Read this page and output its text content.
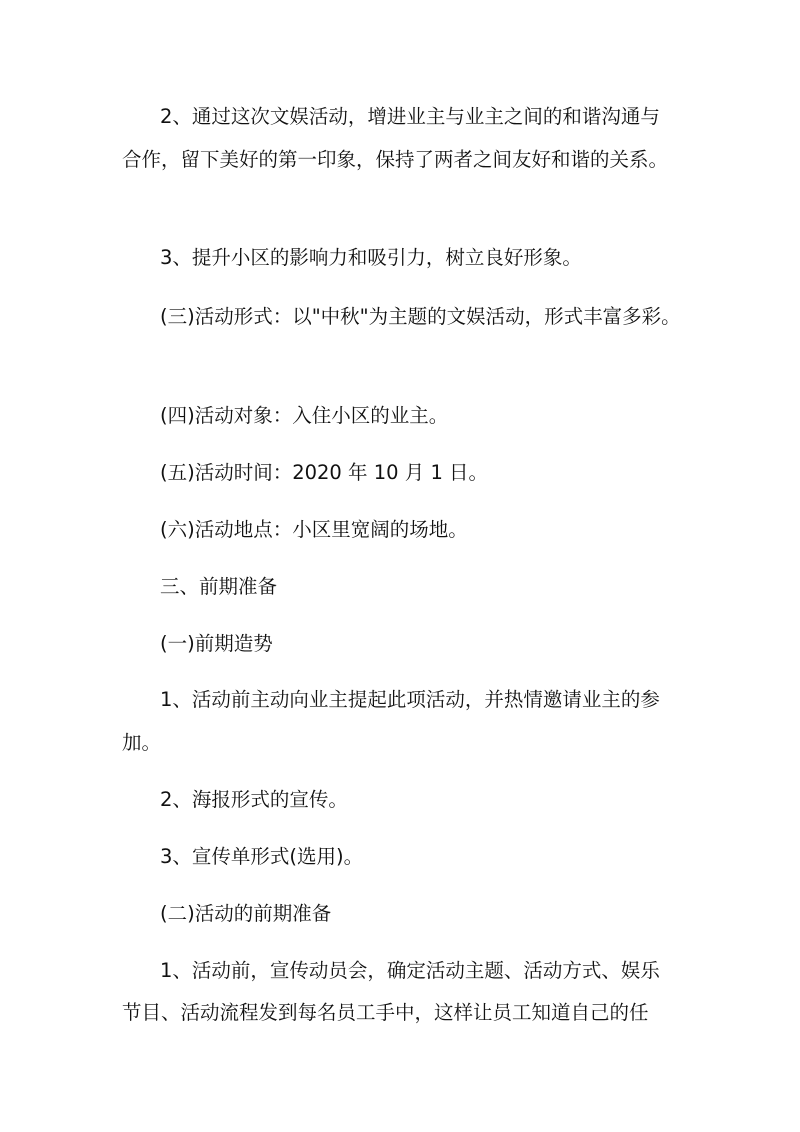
2、通过这次文娱活动，增进业主与业主之间的和谐沟通与

合作，留下美好的第一印象，保持了两者之间友好和谐的关系。

3、提升小区的影响力和吸引力，树立良好形象。

(三)活动形式：以"中秋"为主题的文娱活动，形式丰富多彩。

(四)活动对象：入住小区的业主。

(五)活动时间：2020 年 10 月 1 日。

(六)活动地点：小区里宽阔的场地。

三、前期准备

(一)前期造势

1、活动前主动向业主提起此项活动，并热情邀请业主的参

加。

2、海报形式的宣传。

3、宣传单形式(选用)。

(二)活动的前期准备

1、活动前，宣传动员会，确定活动主题、活动方式、娱乐

节目、活动流程发到每名员工手中，这样让员工知道自己的任
